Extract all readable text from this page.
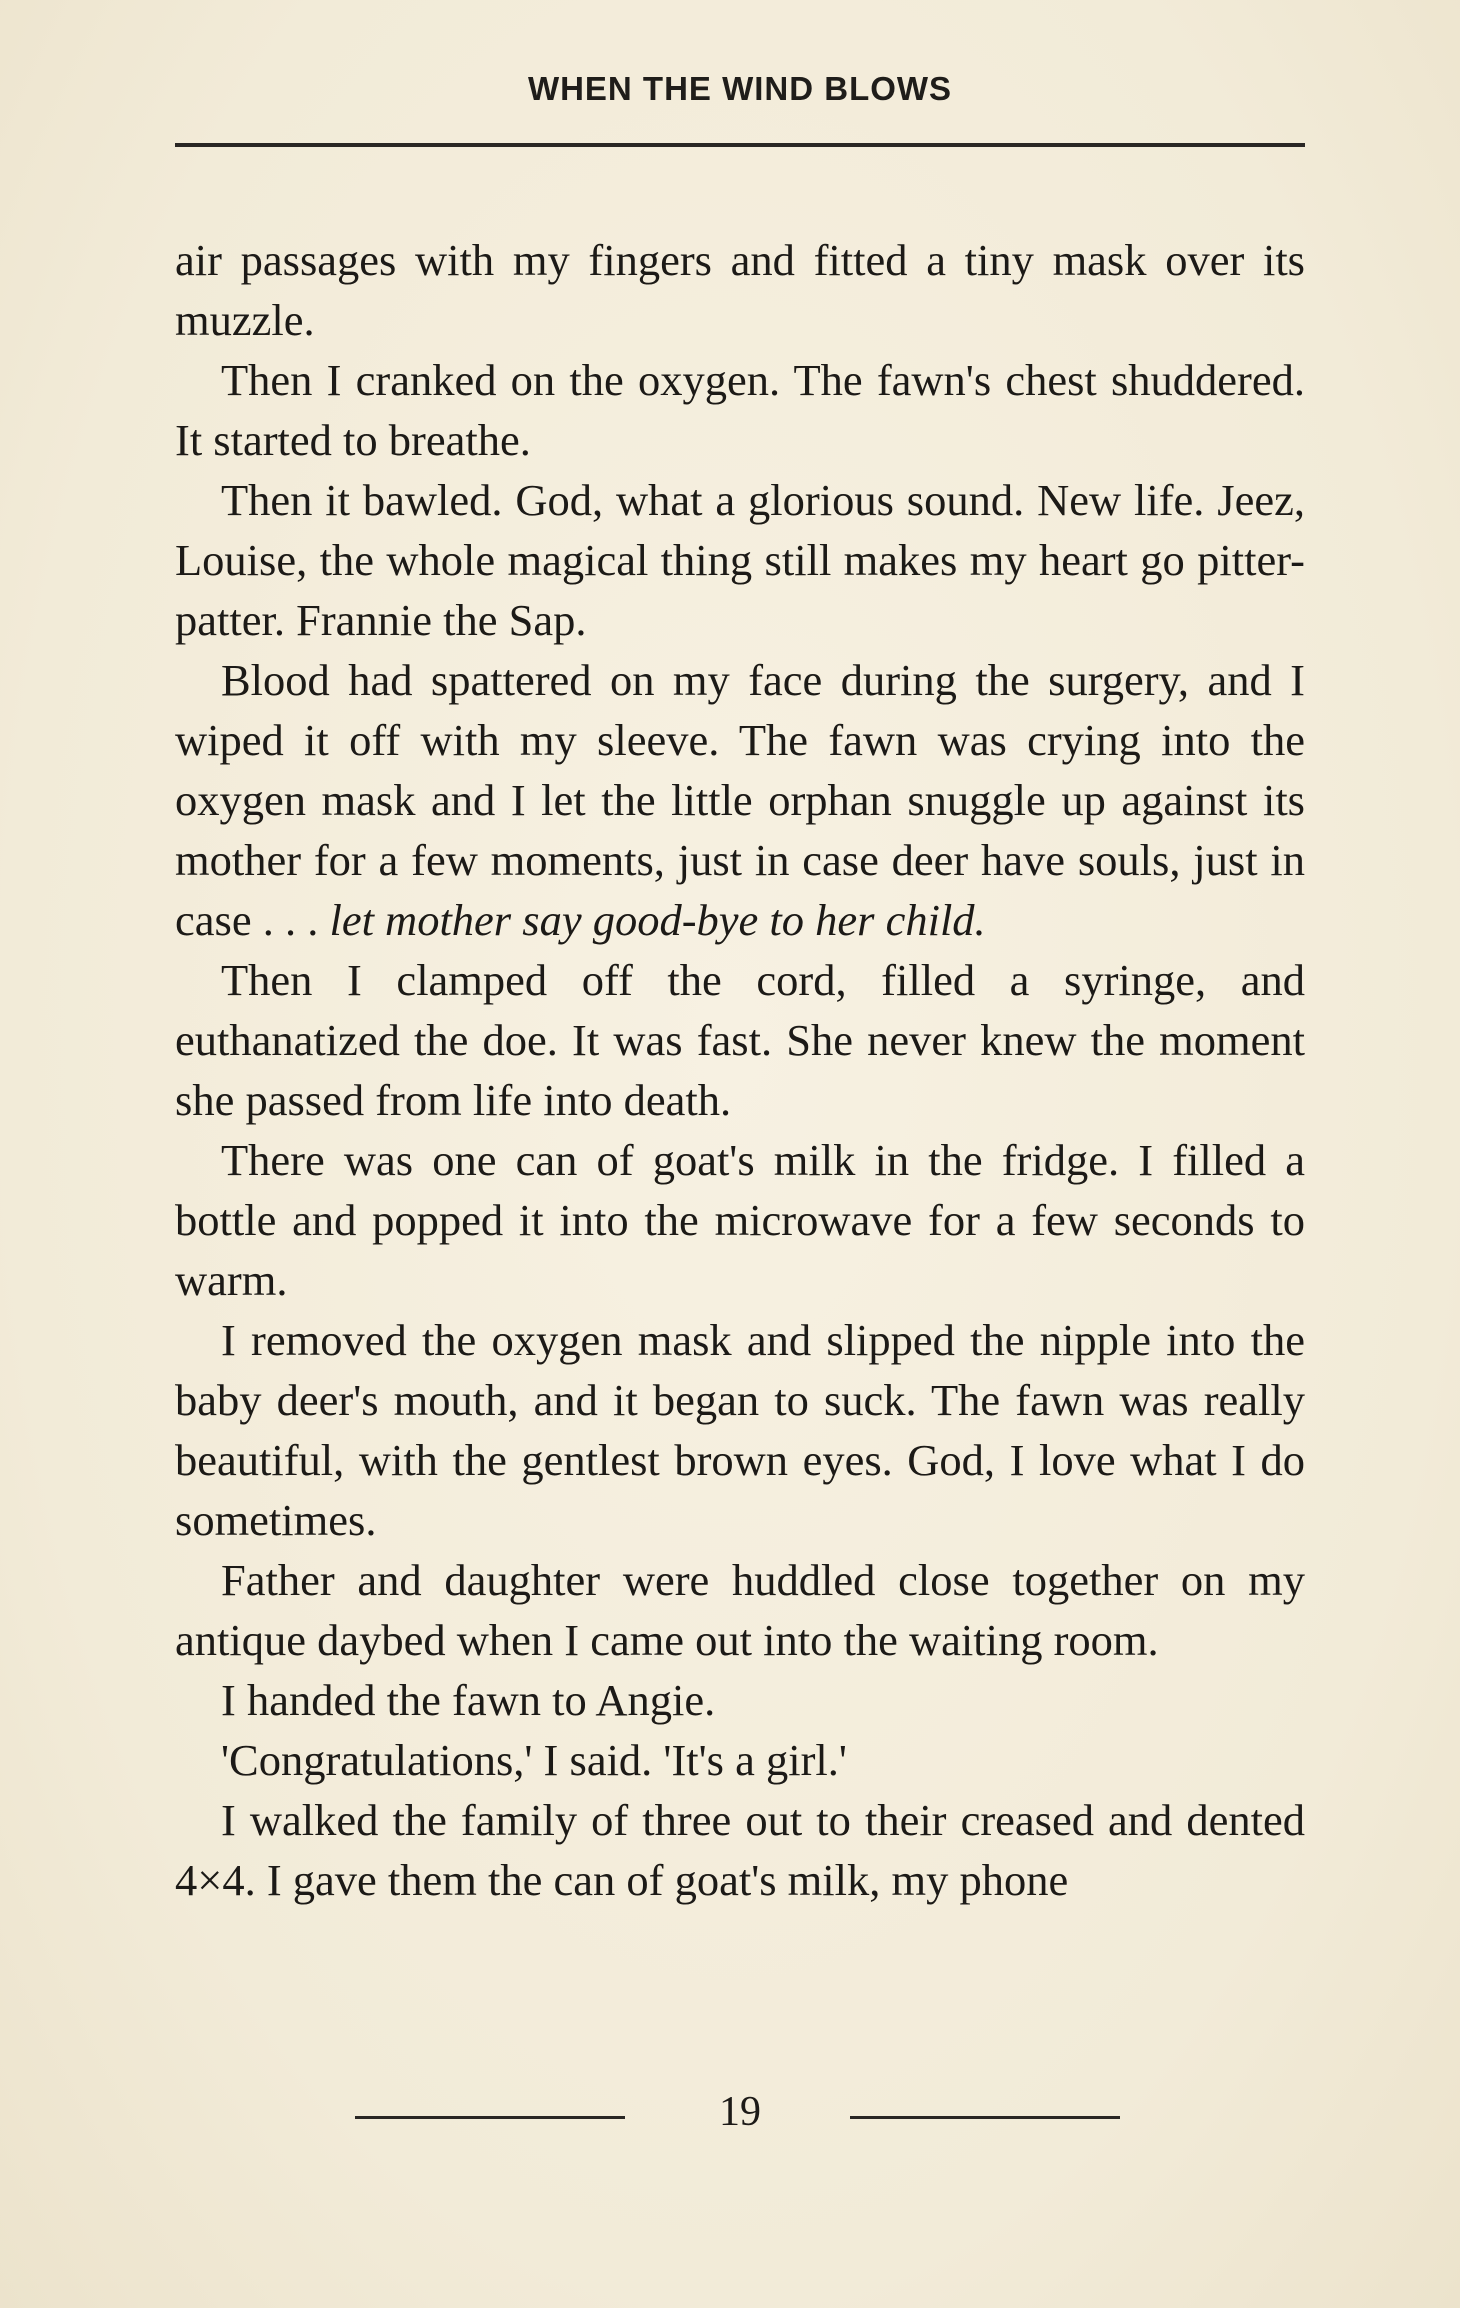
WHEN THE WIND BLOWS

air passages with my fingers and fitted a tiny mask over its muzzle.

Then I cranked on the oxygen. The fawn's chest shuddered. It started to breathe.

Then it bawled. God, what a glorious sound. New life. Jeez, Louise, the whole magical thing still makes my heart go pitter-patter. Frannie the Sap.

Blood had spattered on my face during the surgery, and I wiped it off with my sleeve. The fawn was crying into the oxygen mask and I let the little orphan snuggle up against its mother for a few moments, just in case deer have souls, just in case . . . let mother say good-bye to her child.

Then I clamped off the cord, filled a syringe, and euthanatized the doe. It was fast. She never knew the moment she passed from life into death.

There was one can of goat's milk in the fridge. I filled a bottle and popped it into the microwave for a few seconds to warm.

I removed the oxygen mask and slipped the nipple into the baby deer's mouth, and it began to suck. The fawn was really beautiful, with the gentlest brown eyes. God, I love what I do sometimes.

Father and daughter were huddled close together on my antique daybed when I came out into the waiting room.

I handed the fawn to Angie.

'Congratulations,' I said. 'It's a girl.'

I walked the family of three out to their creased and dented 4×4. I gave them the can of goat's milk, my phone

19
